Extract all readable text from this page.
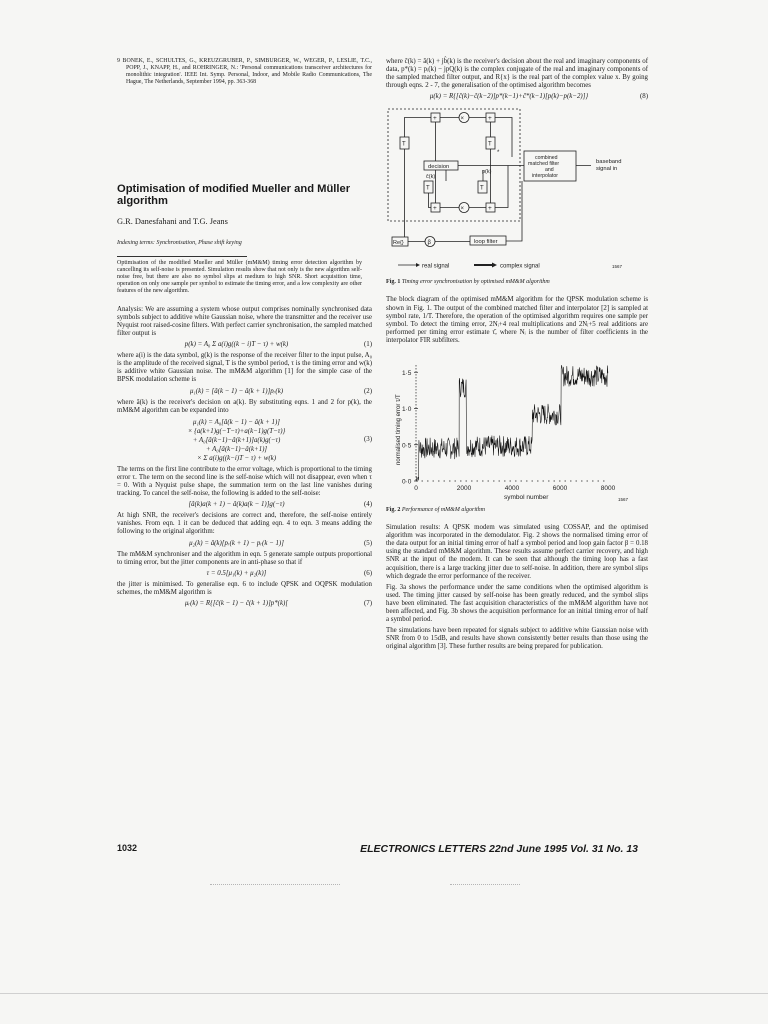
9 BONEK, E., SCHULTES, G., KREUZGRUBER, P., SIMBURGER, W., WEGER, P., LESLIE, T.C., POPP, J., KNAPP, H., and ROHRINGER, N.: 'Personal communications transceiver architectures for monolithic integration'. IEEE Int. Symp. Personal, Indoor, and Mobile Radio Communications, The Hague, The Netherlands, September 1994, pp. 363-368
Optimisation of modified Mueller and Müller algorithm
G.R. Danesfahani and T.G. Jeans
Indexing terms: Synchronisation, Phase shift keying

Optimisation of the modified Mueller and Müller (mM&M) timing error detection algorithm by cancelling its self-noise is presented. Simulation results show that not only is the new algorithm self-noise free, but there are also no symbol slips at medium to high SNR. Short acquisition time, operation on only one sample per symbol to estimate the timing error, and a low complexity are other features of the new algorithm.

Analysis: We are assuming a system whose output comprises nominally synchronised data symbols subject to additive white Gaussian noise, where the transmitter and the receiver use Nyquist root raised-cosine filters. With perfect carrier synchronisation, the sampled matched filter output is

p(k) = A₀ Σ a(i)g((k − i)T − τ) + w(k)	(1)

where a(i) is the data symbol, g(k) is the response of the receiver filter to the input pulse, A₀ is the amplitude of the received signal, T is the symbol period, τ is the timing error and w(k) is additive white Gaussian noise. The mM&M algorithm [1] for the simple case of the BPSK modulation scheme is

μ₁(k) = [â(k − 1) − â(k + 1)]pᵣ(k)	(2)

where â(k) is the receiver's decision on a(k). By substituting eqns. 1 and 2 for p(k), the mM&M algorithm can be expanded into

μ₁(k) = A₀[â(k − 1) − â(k + 1)]
× {a(k+1)g(−T−τ)+a(k−1)g(T−τ)}
+ A₀[â(k−1)−â(k+1)]a(k)g(−τ)
+ A₀[â(k−1)−â(k+1)]
× Σ a(i)g((k−i)T − τ) + w(k)
(3)

The terms on the first line contribute to the error voltage, which is proportional to the timing error τ. The term on the second line is the self-noise which will not disappear, even when τ = 0. With a Nyquist pulse shape, the summation term on the last line vanishes during tracking. To cancel the self-noise, the following is added to the self-noise:

[â(k)a(k + 1) − â(k)a(k − 1)]g(−τ)	(4)

At high SNR, the receiver's decisions are correct and, therefore, the self-noise entirely vanishes. From eqn. 1 it can be deduced that adding eqn. 4 to eqn. 3 means adding the following to the original algorithm:

μ₂(k) = â(k)[pᵣ(k + 1) − pᵣ(k − 1)]	(5)

The mM&M synchroniser and the algorithm in eqn. 5 generate sample outputs proportional to timing error, but the jitter components are in anti-phase so that if

τ = 0.5[μ₁(k) + μ₂(k)]	(6)

the jitter is minimised. To generalise eqn. 6 to include QPSK and OQPSK modulation schemes, the mM&M algorithm is

μᵣ(k) = R{[ĉ(k − 1) − ĉ(k + 1)]p*(k)[	(7)

where ĉ(k) = â(k) + jb̂(k) is the receiver's decision about the real and imaginary components of data, p*(k) = pᵢ(k) − jpQ(k) is the complex conjugate of the real and imaginary components of the sampled matched filter output, and R{x} is the real part of the complex value x. By going through eqns. 2 - 7, the generalisation of the optimised algorithm becomes

μ(k) = R{[ĉ(k)−ĉ(k−2)]p*(k−1)+ĉ*(k−1)[p(k)−p(k−2)]}	(8)
+	+
×
×
+	+
T	T
T	T
decision
ĉ(k)
p(k)
*
combined
matched filter
and
interpolator
baseband
signal in
loop filter
Re{}	β
real signal	complex signal	1567
Fig. 1 Timing error synchronisation by optimised mM&M algorithm

The block diagram of the optimised mM&M algorithm for the QPSK modulation scheme is shown in Fig. 1. The output of the combined matched filter and interpolator [2] is sampled at symbol rate, 1/T. Therefore, the operation of the optimised algorithm requires one sample per symbol. To detect the timing error, 2Nᵢ+4 real multiplications and 2Nᵢ+5 real additions are performed per timing error estimate τ̂, where Nᵢ is the number of filter coefficients in the interpolator FIR subfilters.

0	2000	4000	6000	8000
0·0
0·5
1·0
1·5
normalised timing error τ/T
symbol number	1567
Fig. 2 Performance of mM&M algorithm

Simulation results: A QPSK modem was simulated using COSSAP, and the optimised algorithm was incorporated in the demodulator. Fig. 2 shows the normalised timing error of the data output for an initial timing error of half a symbol period and loop gain factor β = 0.18 using the standard mM&M algorithm. These results assume perfect carrier recovery, and high SNR at the input of the modem. It can be seen that although the timing loop has a fast acquisition, there is a large tracking jitter due to self-noise. In addition, there are symbol slips which degrade the error performance of the receiver.

Fig. 3a shows the performance under the same conditions when the optimised algorithm is used. The timing jitter caused by self-noise has been greatly reduced, and the symbol slips have been eliminated. The fast acquisition characteristics of the mM&M algorithm have not been affected, and Fig. 3b shows the acquisition performance for an initial timing error of half a symbol period.

The simulations have been repeated for signals subject to additive white Gaussian noise with SNR from 0 to 15dB, and results have shown consistently better results than those using the original algorithm [3]. These further results are being prepared for publication.

1032	ELECTRONICS LETTERS 22nd June 1995 Vol. 31 No. 13
